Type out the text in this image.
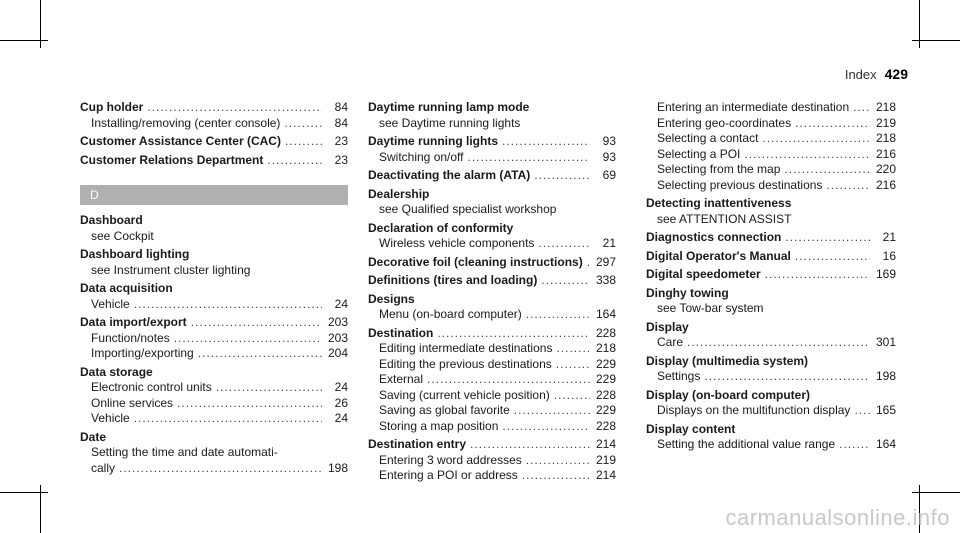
Index 429
Cup holder .....	84
Installing/removing (center console) .....	84
Customer Assistance Center (CAC) .....	23
Customer Relations Department .....	23
D
Dashboard
see Cockpit
Dashboard lighting
see Instrument cluster lighting
Data acquisition
Vehicle .....	24
Data import/export .....	203
Function/notes .....	203
Importing/exporting .....	204
Data storage
Electronic control units .....	24
Online services .....	26
Vehicle .....	24
Date
Setting the time and date automati-
cally .....	198
Daytime running lamp mode
see Daytime running lights
Daytime running lights .....	93
Switching on/off .....	93
Deactivating the alarm (ATA) .....	69
Dealership
see Qualified specialist workshop
Declaration of conformity
Wireless vehicle components .....	21
Decorative foil (cleaning instructions) ..... 297
Definitions (tires and loading) .....	338
Designs
Menu (on-board computer) .....	164
Destination .....	228
Editing intermediate destinations .....	218
Editing the previous destinations .....	229
External .....	229
Saving (current vehicle position) .....	228
Saving as global favorite .....	229
Storing a map position .....	228
Destination entry .....	214
Entering 3 word addresses .....	219
Entering a POI or address .....	214
Entering an intermediate destination ..... 218
Entering geo-coordinates .....	219
Selecting a contact .....	218
Selecting a POI .....	216
Selecting from the map .....	220
Selecting previous destinations .....	216
Detecting inattentiveness
see ATTENTION ASSIST
Diagnostics connection .....	21
Digital Operator's Manual .....	16
Digital speedometer .....	169
Dinghy towing
see Tow-bar system
Display
Care .....	301
Display (multimedia system)
Settings .....	198
Display (on-board computer)
Displays on the multifunction display ..... 165
Display content
Setting the additional value range .....	164
carmanualsonline.info
